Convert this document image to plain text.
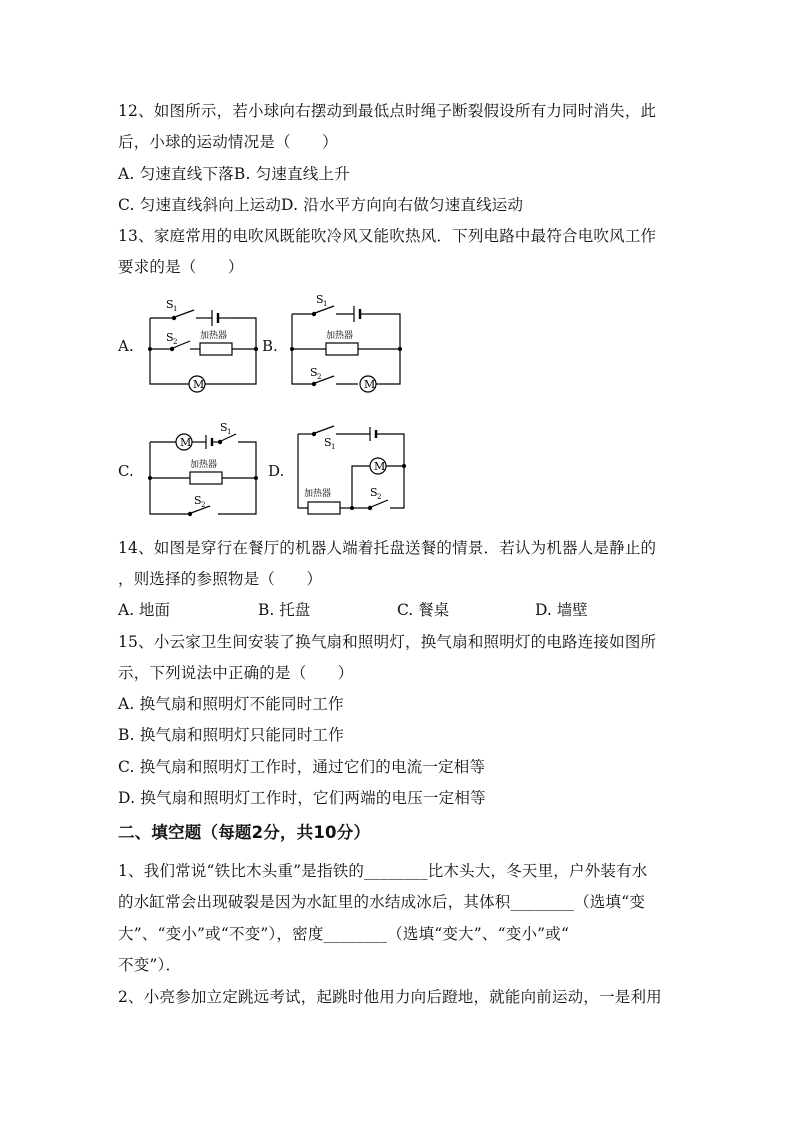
12、如图所示，若小球向右摆动到最低点时绳子断裂假设所有力同时消失，此
后，小球的运动情况是（　　）
A. 匀速直线下落B. 匀速直线上升
C. 匀速直线斜向上运动D. 沿水平方向向右做匀速直线运动
13、家庭常用的电吹风既能吹冷风又能吹热风．下列电路中最符合电吹风工作
要求的是（　　）
A.	B.
C.	D.
M
加热器
S 1
S 2
M
加热器
S 1
S 2
M
加热器
S 1
S 2
M
加热器
S 1
S 2
14、如图是穿行在餐厅的机器人端着托盘送餐的情景．若认为机器人是静止的
，则选择的参照物是（　　）
A. 地面	B. 托盘	C. 餐桌	D. 墙壁
15、小云家卫生间安装了换气扇和照明灯，换气扇和照明灯的电路连接如图所
示，下列说法中正确的是（　　）
A. 换气扇和照明灯不能同时工作
B. 换气扇和照明灯只能同时工作
C. 换气扇和照明灯工作时，通过它们的电流一定相等
D. 换气扇和照明灯工作时，它们两端的电压一定相等
二、填空题（每题2分，共10分）
1、我们常说“铁比木头重”是指铁的________比木头大，冬天里，户外装有水
的水缸常会出现破裂是因为水缸里的水结成冰后，其体积________（选填“变
大”、“变小”或“不变”），密度________（选填“变大”、“变小”或“
不变”）．
2、小亮参加立定跳远考试，起跳时他用力向后蹬地，就能向前运动，一是利用
